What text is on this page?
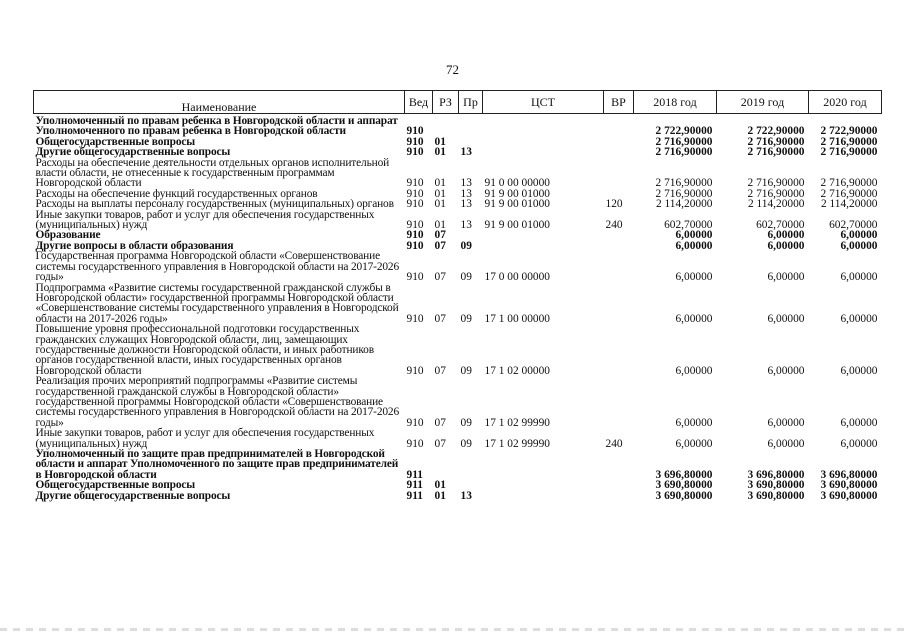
72
Наименование	Вед	РЗ	Пр	ЦСТ	ВР	2018 год	2019 год	2020 год
Уполномоченный по правам ребенка в Новгородской области и аппарат Уполномоченного по правам ребенка в Новгородской области	910					2 722,90000	2 722,90000	2 722,90000
Общегосударственные вопросы	910	01				2 716,90000	2 716,90000	2 716,90000
Другие общегосударственные вопросы	910	01	13			2 716,90000	2 716,90000	2 716,90000
Расходы на обеспечение деятельности отдельных органов исполнительной власти области, не отнесенные к государственным программам Новгородской области	910	01	13	91 0 00 00000		2 716,90000	2 716,90000	2 716,90000
Расходы на обеспечение функций государственных органов	910	01	13	91 9 00 01000		2 716,90000	2 716,90000	2 716,90000
Расходы на выплаты персоналу государственных (муниципальных) органов	910	01	13	91 9 00 01000	120	2 114,20000	2 114,20000	2 114,20000
Иные закупки товаров, работ и услуг для обеспечения государственных (муниципальных) нужд	910	01	13	91 9 00 01000	240	602,70000	602,70000	602,70000
Образование	910	07				6,00000	6,00000	6,00000
Другие вопросы в области образования	910	07	09			6,00000	6,00000	6,00000
Государственная программа Новгородской области «Совершенствование системы государственного управления в Новгородской области на 2017-2026 годы»	910	07	09	17 0 00 00000		6,00000	6,00000	6,00000
Подпрограмма «Развитие системы государственной гражданской службы в Новгородской области» государственной программы Новгородской области «Совершенствование системы государственного управления в Новгородской области на 2017-2026 годы»	910	07	09	17 1 00 00000		6,00000	6,00000	6,00000
Повышение уровня профессиональной подготовки государственных гражданских служащих Новгородской области, лиц, замещающих государственные должности Новгородской области, и иных работников органов государственной власти, иных государственных органов Новгородской области	910	07	09	17 1 02 00000		6,00000	6,00000	6,00000
Реализация прочих мероприятий подпрограммы «Развитие системы государственной гражданской службы в Новгородской области» государственной программы Новгородской области «Совершенствование системы государственного управления в Новгородской области на 2017-2026 годы»	910	07	09	17 1 02 99990		6,00000	6,00000	6,00000
Иные закупки товаров, работ и услуг для обеспечения государственных (муниципальных) нужд	910	07	09	17 1 02 99990	240	6,00000	6,00000	6,00000
Уполномоченный по защите прав предпринимателей в Новгородской области и аппарат Уполномоченного по защите прав предпринимателей в Новгородской области	911					3 696,80000	3 696,80000	3 696,80000
Общегосударственные вопросы	911	01				3 690,80000	3 690,80000	3 690,80000
Другие общегосударственные вопросы	911	01	13			3 690,80000	3 690,80000	3 690,80000
